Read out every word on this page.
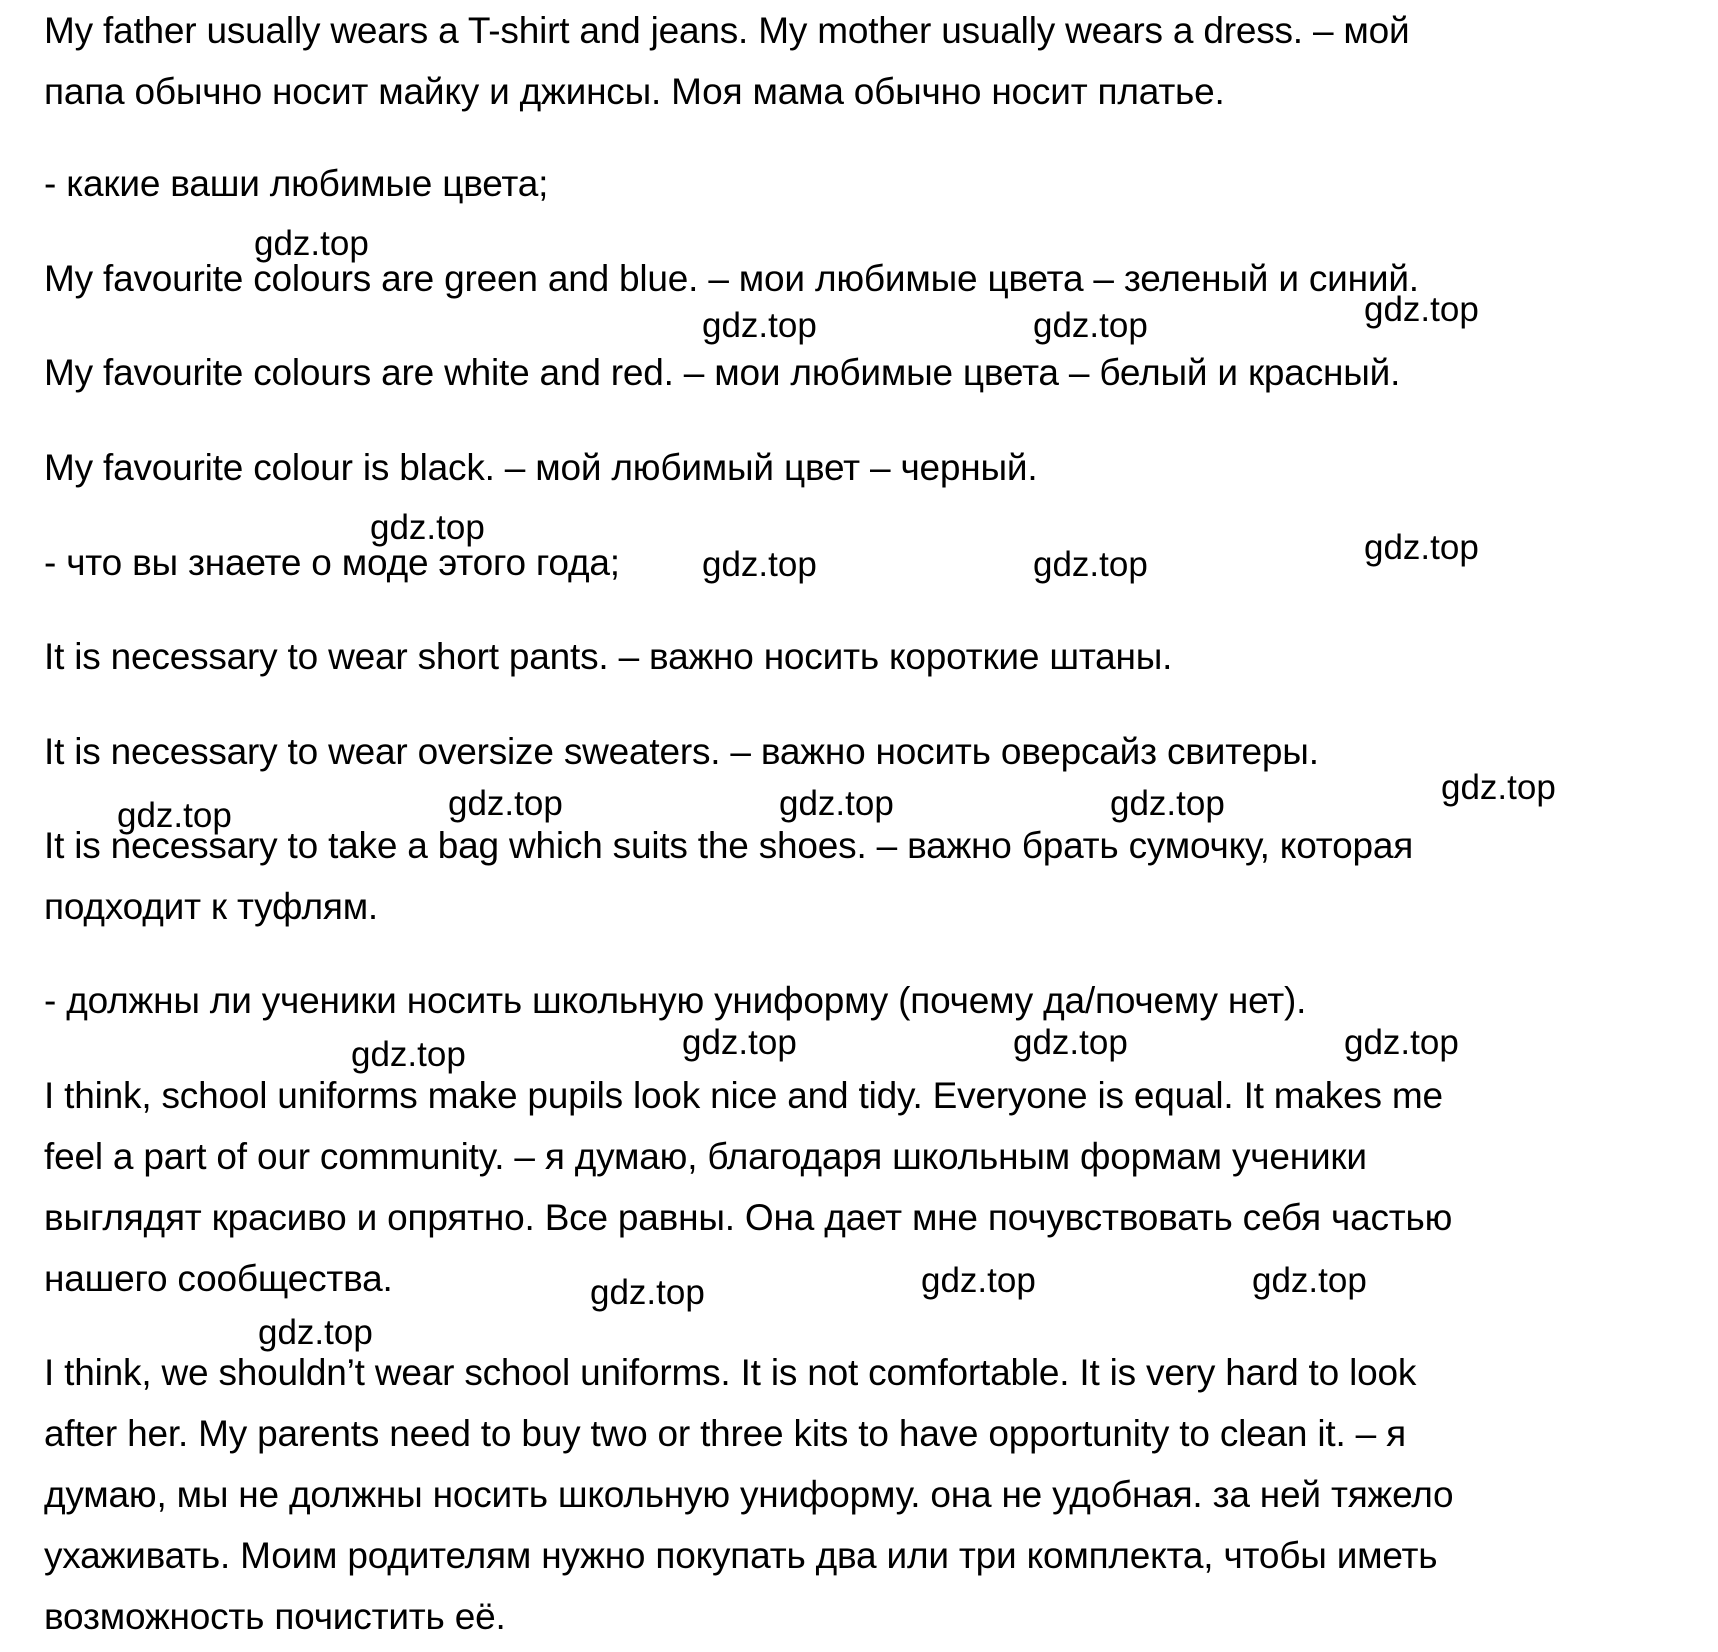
My father usually wears a T-shirt and jeans. My mother usually wears a dress. – мой
папа обычно носит майку и джинсы. Моя мама обычно носит платье.

- какие ваши любимые цвета;

My favourite colours are green and blue. – мои любимые цвета – зеленый и синий.

My favourite colours are white and red. – мои любимые цвета – белый и красный.

My favourite colour is black. – мой любимый цвет – черный.

- что вы знаете о моде этого года;

It is necessary to wear short pants. – важно носить короткие штаны.

It is necessary to wear oversize sweaters. – важно носить оверсайз свитеры.

It is necessary to take a bag which suits the shoes. – важно брать сумочку, которая
подходит к туфлям.

- должны ли ученики носить школьную униформу (почему да/почему нет).

I think, school uniforms make pupils look nice and tidy. Everyone is equal. It makes me
feel a part of our community. – я думаю, благодаря школьным формам ученики
выглядят красиво и опрятно. Все равны. Она дает мне почувствовать себя частью
нашего сообщества.

I think, we shouldn’t wear school uniforms. It is not comfortable. It is very hard to look
after her. My parents need to buy two or three kits to have opportunity to clean it. – я
думаю, мы не должны носить школьную униформу. она не удобная. за ней тяжело
ухаживать. Моим родителям нужно покупать два или три комплекта, чтобы иметь
возможность почистить её.

gdz.top
gdz.top	gdz.top	gdz.top
gdz.top
gdz.top	gdz.top	gdz.top
gdz.top	gdz.top	gdz.top	gdz.top	gdz.top
gdz.top	gdz.top	gdz.top	gdz.top
gdz.top	gdz.top	gdz.top
gdz.top
